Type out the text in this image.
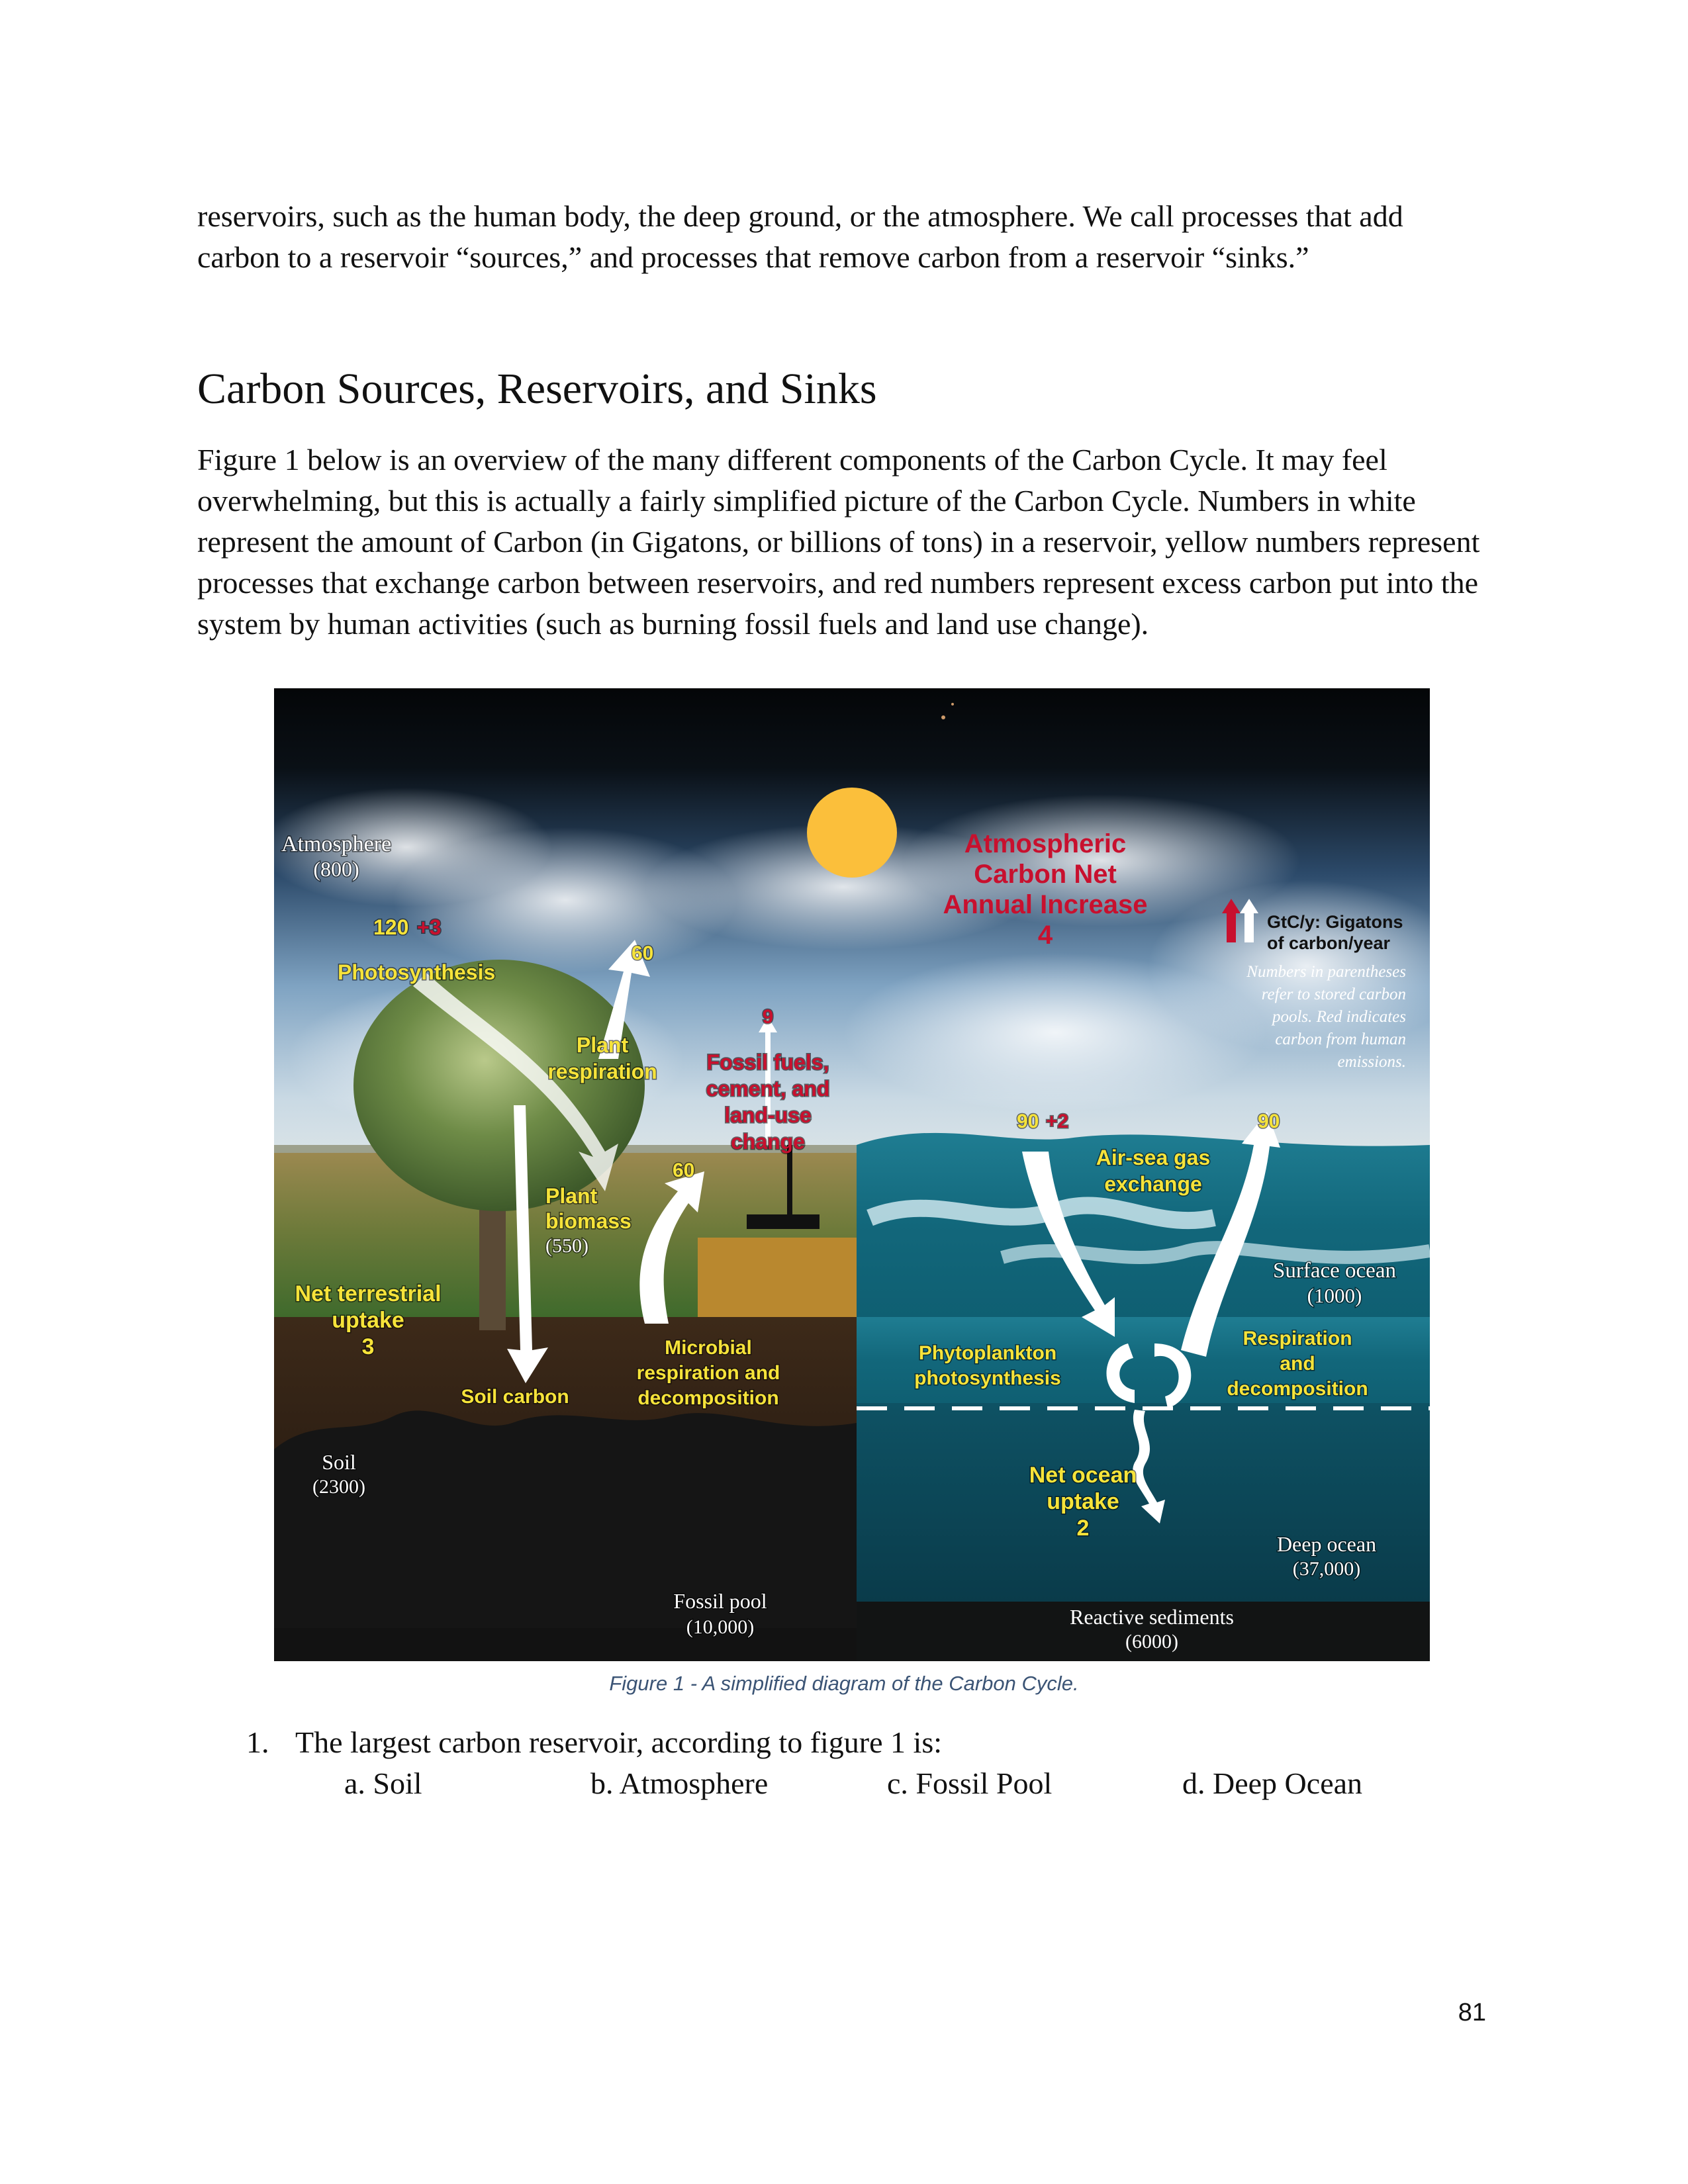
reservoirs, such as the human body, the deep ground, or the atmosphere. We call processes that add carbon to a reservoir “sources,” and processes that remove carbon from a reservoir “sinks.”

Carbon Sources, Reservoirs, and Sinks

Figure 1 below is an overview of the many different components of the Carbon Cycle. It may feel overwhelming, but this is actually a fairly simplified picture of the Carbon Cycle. Numbers in white represent the amount of Carbon (in Gigatons, or billions of tons) in a reservoir, yellow numbers represent processes that exchange carbon between reservoirs, and red numbers represent excess carbon put into the system by human activities (such as burning fossil fuels and land use change).

Atmosphere
(800)
120 +3
Photosynthesis
60
Plant
respiration
9
Fossil fuels,
cement, and
land-use
change
Atmospheric
Carbon Net
Annual Increase
4	GtC/y: Gigatons
of carbon/year
Numbers in parentheses
refer to stored carbon
pools. Red indicates
carbon from human
emissions.
90 +2	90
Air-sea gas
exchange
60
Plant
biomass
(550)
Net terrestrial
uptake
3
Surface ocean
(1000)
Microbial
respiration and
decomposition
Soil carbon
Phytoplankton
photosynthesis
Respiration
and
decomposition
Soil
(2300)	Net ocean
uptake
2
Deep ocean
(37,000)
Fossil pool
(10,000)	Reactive sediments
(6000)
Figure 1 - A simplified diagram of the Carbon Cycle.
1. The largest carbon reservoir, according to figure 1 is:
a. Soil	b. Atmosphere	c. Fossil Pool	d. Deep Ocean
81
